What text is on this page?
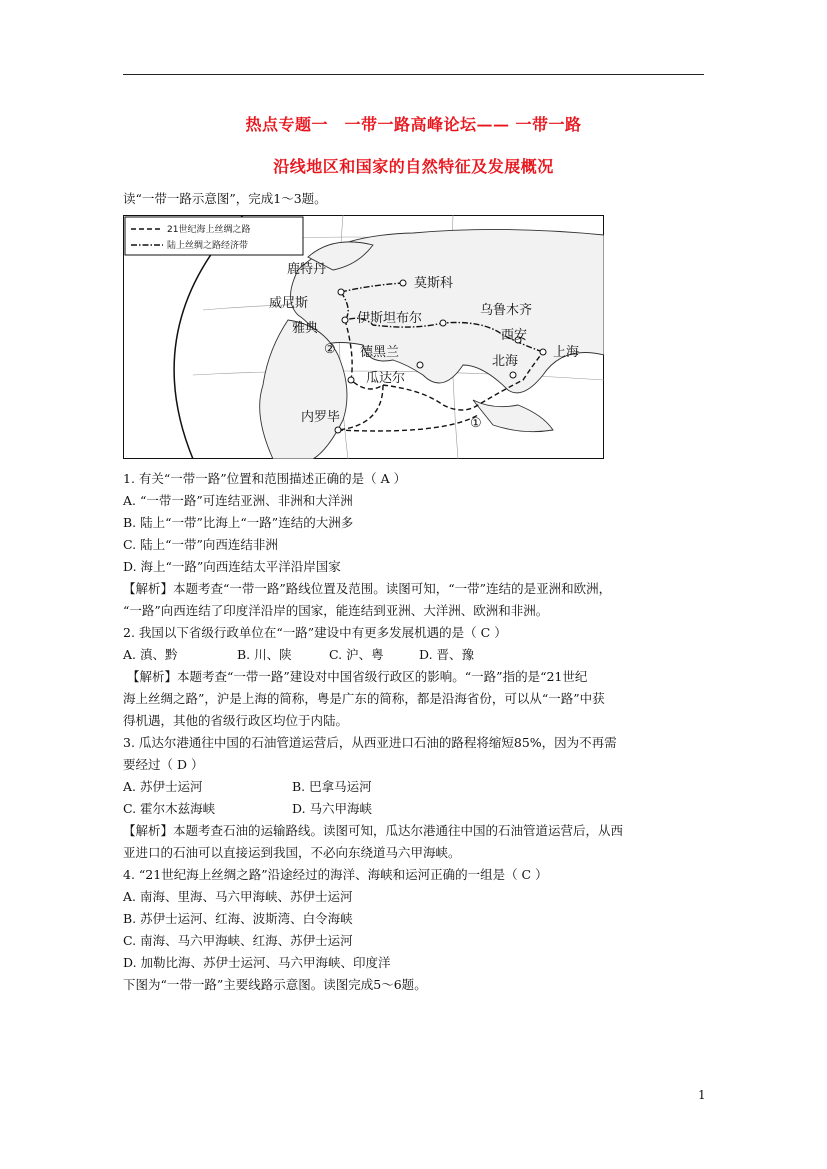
热点专题一　一带一路高峰论坛—— 一带一路
沿线地区和国家的自然特征及发展概况
读“一带一路示意图”，完成1～3题。
21世纪海上丝绸之路
陆上丝绸之路经济带
鹿特丹
莫斯科
威尼斯
伊斯坦布尔
乌鲁木齐
雅典	西安
德黑兰	上海
北海
瓜达尔
内罗毕	①
②
1. 有关“一带一路”位置和范围描述正确的是（ A ）
A. “一带一路”可连结亚洲、非洲和大洋洲
B. 陆上“一带”比海上“一路”连结的大洲多
C. 陆上“一带”向西连结非洲
D. 海上“一路”向西连结太平洋沿岸国家
【解析】本题考查“一带一路”路线位置及范围。读图可知，“一带”连结的是亚洲和欧洲，
“一路”向西连结了印度洋沿岸的国家，能连结到亚洲、大洋洲、欧洲和非洲。
2. 我国以下省级行政单位在“一路”建设中有更多发展机遇的是（ C ）
A. 滇、黔	B. 川、陕	C. 沪、粤	D. 晋、豫
【解析】本题考查“一带一路”建设对中国省级行政区的影响。“一路”指的是“21世纪
海上丝绸之路”，沪是上海的简称，粤是广东的简称，都是沿海省份，可以从“一路”中获
得机遇，其他的省级行政区均位于内陆。
3. 瓜达尔港通往中国的石油管道运营后，从西亚进口石油的路程将缩短85%，因为不再需
要经过（ D ）
A. 苏伊士运河	B. 巴拿马运河
C. 霍尔木兹海峡	D. 马六甲海峡
【解析】本题考查石油的运输路线。读图可知，瓜达尔港通往中国的石油管道运营后，从西
亚进口的石油可以直接运到我国，不必向东绕道马六甲海峡。
4. “21世纪海上丝绸之路”沿途经过的海洋、海峡和运河正确的一组是（ C ）
A. 南海、里海、马六甲海峡、苏伊士运河
B. 苏伊士运河、红海、波斯湾、白令海峡
C. 南海、马六甲海峡、红海、苏伊士运河
D. 加勒比海、苏伊士运河、马六甲海峡、印度洋
下图为“一带一路”主要线路示意图。读图完成5～6题。
1
